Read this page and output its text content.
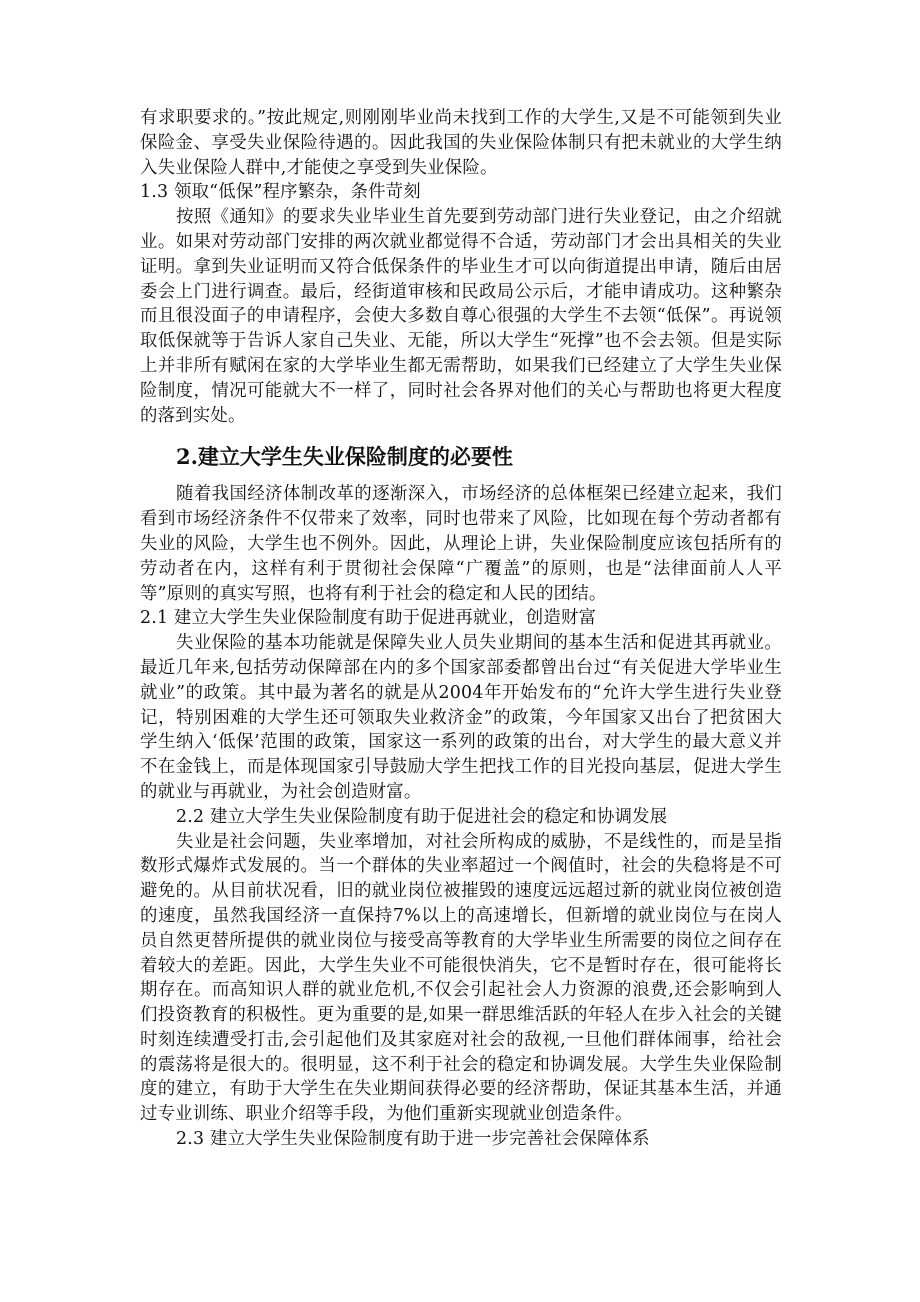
有求职要求的。”按此规定,则刚刚毕业尚未找到工作的大学生,又是不可能领到失业保险金、享受失业保险待遇的。因此我国的失业保险体制只有把未就业的大学生纳入失业保险人群中,才能使之享受到失业保险。

1.3 领取“低保”程序繁杂，条件苛刻

按照《通知》的要求失业毕业生首先要到劳动部门进行失业登记，由之介绍就业。如果对劳动部门安排的两次就业都觉得不合适，劳动部门才会出具相关的失业证明。拿到失业证明而又符合低保条件的毕业生才可以向街道提出申请，随后由居委会上门进行调查。最后，经街道审核和民政局公示后，才能申请成功。这种繁杂而且很没面子的申请程序，会使大多数自尊心很强的大学生不去领“低保”。再说领取低保就等于告诉人家自己失业、无能，所以大学生“死撑”也不会去领。但是实际上并非所有赋闲在家的大学毕业生都无需帮助，如果我们已经建立了大学生失业保险制度，情况可能就大不一样了，同时社会各界对他们的关心与帮助也将更大程度的落到实处。

2.建立大学生失业保险制度的必要性

随着我国经济体制改革的逐渐深入，市场经济的总体框架已经建立起来，我们看到市场经济条件不仅带来了效率，同时也带来了风险，比如现在每个劳动者都有失业的风险，大学生也不例外。因此，从理论上讲，失业保险制度应该包括所有的劳动者在内，这样有利于贯彻社会保障“广覆盖”的原则，也是“法律面前人人平等”原则的真实写照，也将有利于社会的稳定和人民的团结。

2.1 建立大学生失业保险制度有助于促进再就业，创造财富

失业保险的基本功能就是保障失业人员失业期间的基本生活和促进其再就业。最近几年来,包括劳动保障部在内的多个国家部委都曾出台过“有关促进大学毕业生就业”的政策。其中最为著名的就是从2004年开始发布的“允许大学生进行失业登记，特别困难的大学生还可领取失业救济金”的政策，今年国家又出台了把贫困大学生纳入‘低保’范围的政策，国家这一系列的政策的出台，对大学生的最大意义并不在金钱上，而是体现国家引导鼓励大学生把找工作的目光投向基层，促进大学生的就业与再就业，为社会创造财富。

2.2 建立大学生失业保险制度有助于促进社会的稳定和协调发展

失业是社会问题，失业率增加，对社会所构成的威胁，不是线性的，而是呈指数形式爆炸式发展的。当一个群体的失业率超过一个阀值时，社会的失稳将是不可避免的。从目前状况看，旧的就业岗位被摧毁的速度远远超过新的就业岗位被创造的速度，虽然我国经济一直保持7%以上的高速增长，但新增的就业岗位与在岗人员自然更替所提供的就业岗位与接受高等教育的大学毕业生所需要的岗位之间存在着较大的差距。因此，大学生失业不可能很快消失，它不是暂时存在，很可能将长期存在。而高知识人群的就业危机,不仅会引起社会人力资源的浪费,还会影响到人们投资教育的积极性。更为重要的是,如果一群思维活跃的年轻人在步入社会的关键时刻连续遭受打击,会引起他们及其家庭对社会的敌视,一旦他们群体闹事，给社会的震荡将是很大的。很明显，这不利于社会的稳定和协调发展。大学生失业保险制度的建立，有助于大学生在失业期间获得必要的经济帮助，保证其基本生活，并通过专业训练、职业介绍等手段，为他们重新实现就业创造条件。

2.3 建立大学生失业保险制度有助于进一步完善社会保障体系
